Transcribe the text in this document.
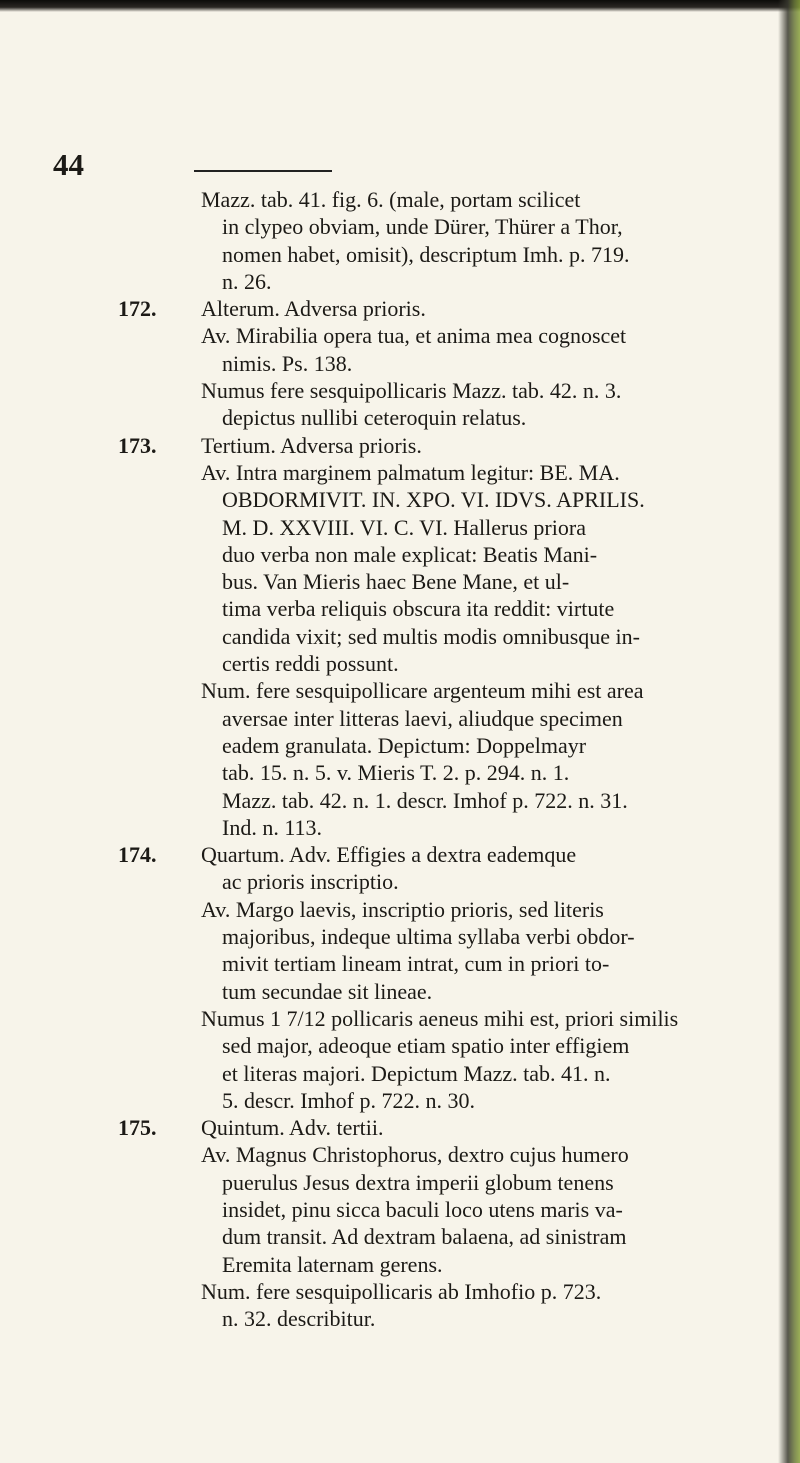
44
Mazz. tab. 41. fig. 6. (male, portam scilicet
in clypeo obviam, unde Dürer, Thürer a Thor,
nomen habet, omisit), descriptum Imh. p. 719.
n. 26.
172. Alterum. Adversa prioris.
Av. Mirabilia opera tua, et anima mea cognoscet
nimis. Ps. 138.
Numus fere sesquipollicaris Mazz. tab. 42. n. 3.
depictus nullibi ceteroquin relatus.
173. Tertium. Adversa prioris.
Av. Intra marginem palmatum legitur: BE. MA.
OBDORMIVIT. IN. XPO. VI. IDVS. APRILIS.
M. D. XXVIII. VI. C. VI. Hallerus priora
duo verba non male explicat: Beatis Mani-
bus. Van Mieris haec Bene Mane, et ul-
tima verba reliquis obscura ita reddit: virtute
candida vixit; sed multis modis omnibusque in-
certis reddi possunt.
Num. fere sesquipollicare argenteum mihi est area
aversae inter litteras laevi, aliudque specimen
eadem granulata. Depictum: Doppelmayr
tab. 15. n. 5. v. Mieris T. 2. p. 294. n. 1.
Mazz. tab. 42. n. 1. descr. Imhof p. 722. n. 31.
Ind. n. 113.
174. Quartum. Adv. Effigies a dextra eademque
ac prioris inscriptio.
Av. Margo laevis, inscriptio prioris, sed literis
majoribus, indeque ultima syllaba verbi obdor-
mivit tertiam lineam intrat, cum in priori to-
tum secundae sit lineae.
Numus 1 7/12 pollicaris aeneus mihi est, priori similis
sed major, adeoque etiam spatio inter effigiem
et literas majori. Depictum Mazz. tab. 41. n.
5. descr. Imhof p. 722. n. 30.
175. Quintum. Adv. tertii.
Av. Magnus Christophorus, dextro cujus humero
puerulus Jesus dextra imperii globum tenens
insidet, pinu sicca baculi loco utens maris va-
dum transit. Ad dextram balaena, ad sinistram
Eremita laternam gerens.
Num. fere sesquipollicaris ab Imhofio p. 723.
n. 32. describitur.
